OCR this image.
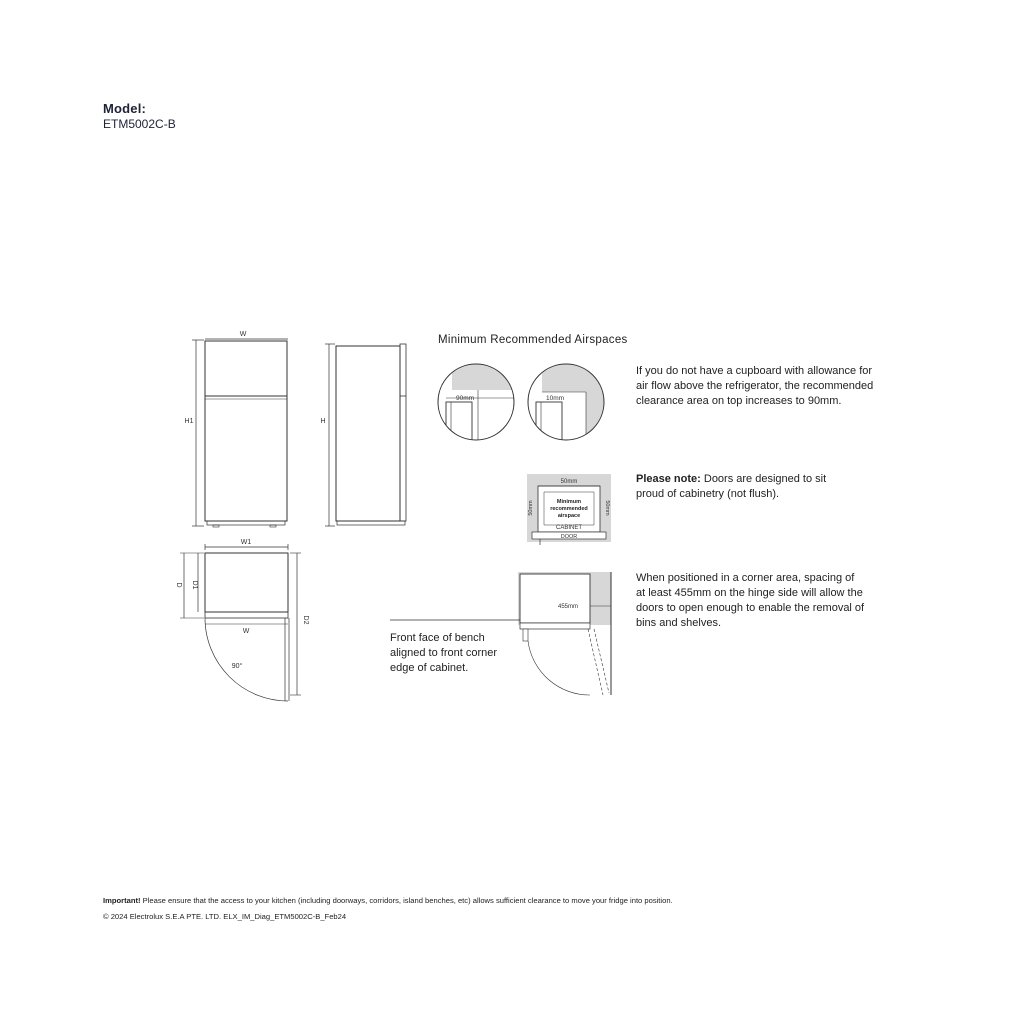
Model:
ETM5002C-B
Minimum Recommended Airspaces
W
H1	H
W1
D D1
D2
W
90°
90mm	10mm
50mm
50mm	50mm
Minimum
recommended
airspace
CABINET
DOOR
455mm
If you do not have a cupboard with allowance for air flow above the refrigerator, the recommended clearance area on top increases to 90mm.
Please note: Doors are designed to sit proud of cabinetry (not flush).
When positioned in a corner area, spacing of at least 455mm on the hinge side will allow the doors to open enough to enable the removal of bins and shelves.
Front face of bench aligned to front corner edge of cabinet.
Important! Please ensure that the access to your kitchen (including doorways, corridors, island benches, etc) allows sufficient clearance to move your fridge into position.
© 2024 Electrolux S.E.A PTE. LTD. ELX_IM_Diag_ETM5002C-B_Feb24
